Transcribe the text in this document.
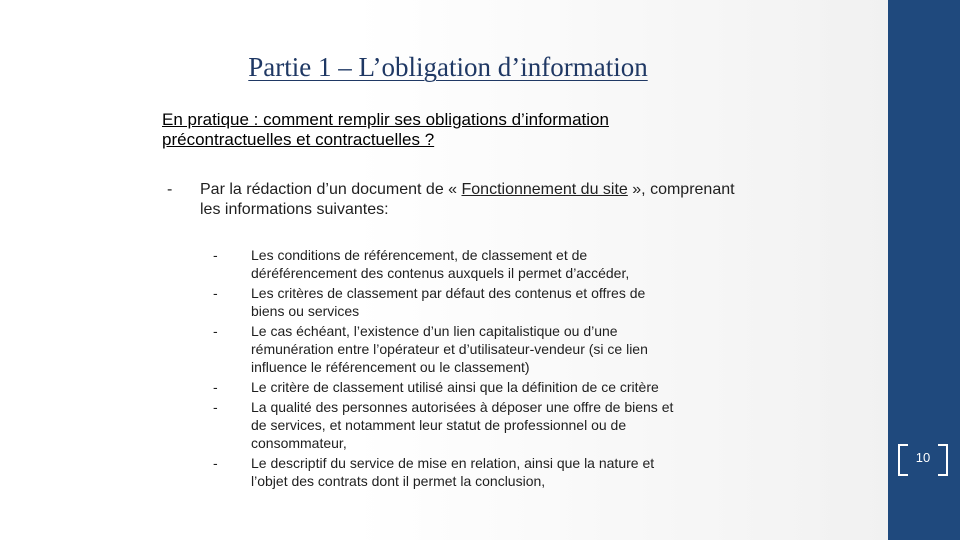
Partie 1 – L’obligation d’information
En pratique : comment remplir ses obligations d’information
précontractuelles et contractuelles ?
- Par la rédaction d’un document de « Fonctionnement du site », comprenant les informations suivantes:
- Les conditions de référencement, de classement et de
déréférencement des contenus auxquels il permet d’accéder,
- Les critères de classement par défaut des contenus et offres de
biens ou services
- Le cas échéant, l’existence d’un lien capitalistique ou d’une
rémunération entre l’opérateur et d’utilisateur-vendeur (si ce lien
influence le référencement ou le classement)
- Le critère de classement utilisé ainsi que la définition de ce critère
- La qualité des personnes autorisées à déposer une offre de biens et
de services, et notamment leur statut de professionnel ou de
consommateur,
- Le descriptif du service de mise en relation, ainsi que la nature et
l’objet des contrats dont il permet la conclusion,
10
